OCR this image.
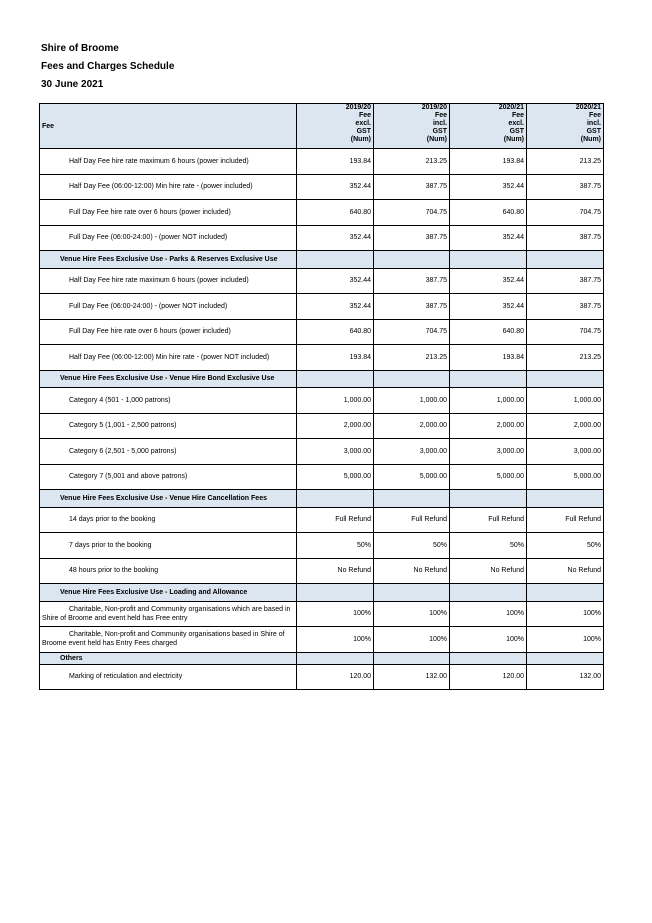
Shire of Broome
Fees and Charges Schedule
30 June 2021
Fee	2019/20
Fee
excl.
GST
(Num)	2019/20
Fee
incl.
GST
(Num)	2020/21
Fee
excl.
GST
(Num)	2020/21
Fee
incl.
GST
(Num)
Half Day Fee hire rate maximum 6 hours (power included)	193.84	213.25	193.84	213.25
Half Day Fee (06:00-12:00) Min hire rate - (power included)	352.44	387.75	352.44	387.75
Full Day Fee hire rate over 6 hours (power included)	640.80	704.75	640.80	704.75
Full Day Fee (06:00-24:00) - (power NOT included)	352.44	387.75	352.44	387.75
Venue Hire Fees Exclusive Use - Parks & Reserves Exclusive Use				
Half Day Fee hire rate maximum 6 hours (power included)	352.44	387.75	352.44	387.75
Full Day Fee (06:00-24:00) - (power NOT included)	352.44	387.75	352.44	387.75
Full Day Fee hire rate over 6 hours (power included)	640.80	704.75	640.80	704.75
Half Day Fee (06:00-12:00) Min hire rate - (power NOT included)	193.84	213.25	193.84	213.25
Venue Hire Fees Exclusive Use - Venue Hire Bond Exclusive Use				
Category 4 (501 - 1,000 patrons)	1,000.00	1,000.00	1,000.00	1,000.00
Category 5 (1,001 - 2,500 patrons)	2,000.00	2,000.00	2,000.00	2,000.00
Category 6 (2,501 - 5,000 patrons)	3,000.00	3,000.00	3,000.00	3,000.00
Category 7 (5,001 and above patrons)	5,000.00	5,000.00	5,000.00	5,000.00
Venue Hire Fees Exclusive Use - Venue Hire Cancellation Fees				
14 days prior to the booking	Full Refund	Full Refund	Full Refund	Full Refund
7 days prior to the booking	50%	50%	50%	50%
48 hours prior to the booking	No Refund	No Refund	No Refund	No Refund
Venue Hire Fees Exclusive Use - Loading and Allowance				
Charitable, Non-profit and Community organisations which are based in Shire of Broome and event held has Free entry	100%	100%	100%	100%
Charitable, Non-profit and Community organisations based in Shire of Broome event held has Entry Fees charged	100%	100%	100%	100%
Others				
Marking of reticulation and electricity	120.00	132.00	120.00	132.00
